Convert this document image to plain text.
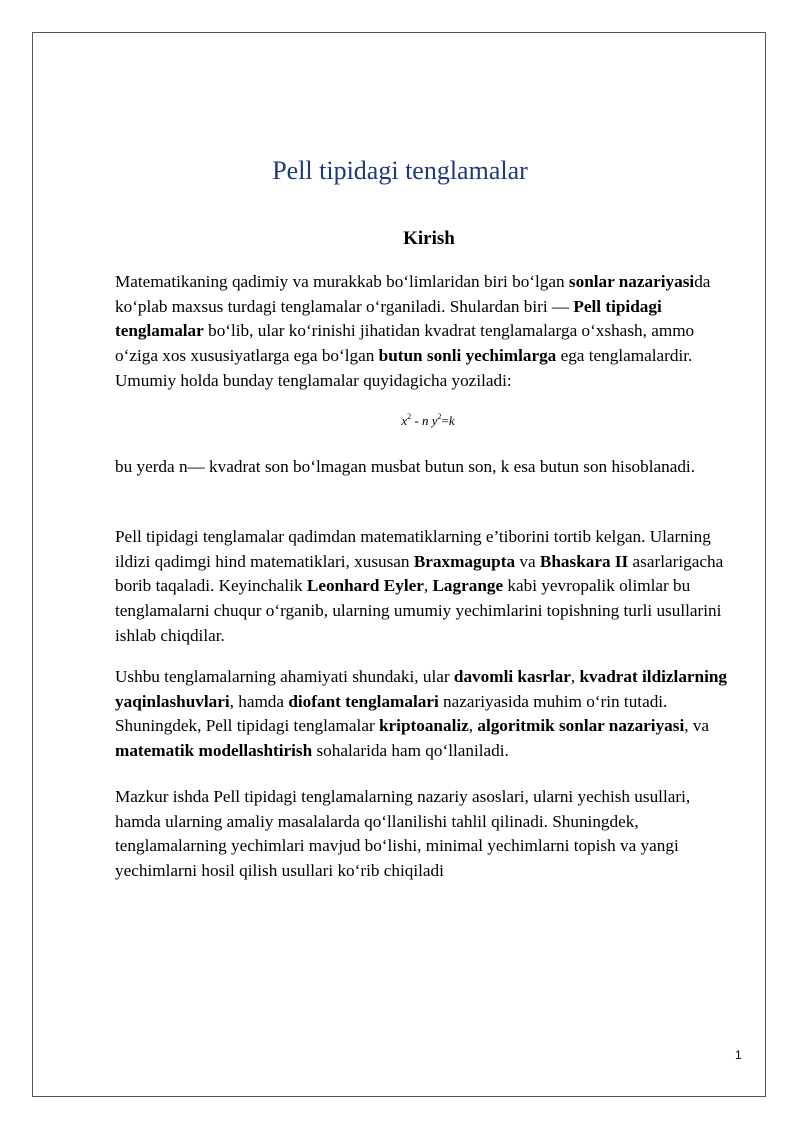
Pell tipidagi tenglamalar
Kirish

Matematikaning qadimiy va murakkab bo‘limlaridan biri bo‘lgan sonlar nazariyasida ko‘plab maxsus turdagi tenglamalar o‘rganiladi. Shulardan biri — Pell tipidagi tenglamalar bo‘lib, ular ko‘rinishi jihatidan kvadrat tenglamalarga o‘xshash, ammo o‘ziga xos xususiyatlarga ega bo‘lgan butun sonli yechimlarga ega tenglamalardir. Umumiy holda bunday tenglamalar quyidagicha yoziladi:

$x^2$ - n $y^2=k$

bu yerda n— kvadrat son bo‘lmagan musbat butun son, k esa butun son hisoblanadi.

Pell tipidagi tenglamalar qadimdan matematiklarning e’tiborini tortib kelgan. Ularning ildizi qadimgi hind matematiklari, xususan Braxmagupta va Bhaskara II asarlarigacha borib taqaladi. Keyinchalik Leonhard Eyler, Lagrange kabi yevropalik olimlar bu tenglamalarni chuqur o‘rganib, ularning umumiy yechimlarini topishning turli usullarini ishlab chiqdilar.

Ushbu tenglamalarning ahamiyati shundaki, ular davomli kasrlar, kvadrat ildizlarning yaqinlashuvlari, hamda diofant tenglamalari nazariyasida muhim o‘rin tutadi. Shuningdek, Pell tipidagi tenglamalar kriptoanaliz, algoritmik sonlar nazariyasi, va matematik modellashtirish sohalarida ham qo‘llaniladi.

Mazkur ishda Pell tipidagi tenglamalarning nazariy asoslari, ularni yechish usullari, hamda ularning amaliy masalalarda qo‘llanilishi tahlil qilinadi. Shuningdek, tenglamalarning yechimlari mavjud bo‘lishi, minimal yechimlarni topish va yangi yechimlarni hosil qilish usullari ko‘rib chiqiladi

1
